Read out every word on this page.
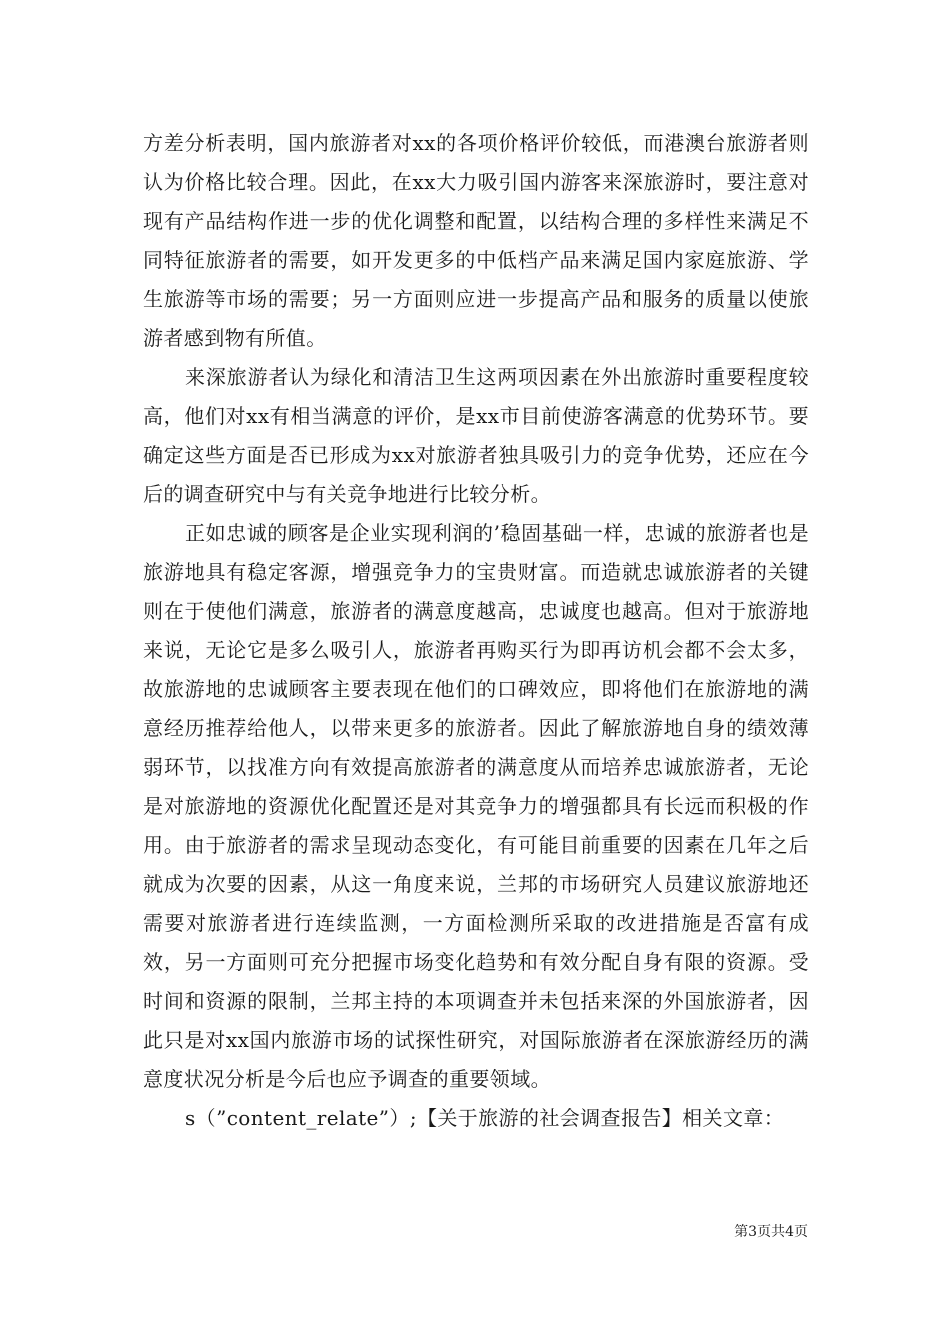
方差分析表明，国内旅游者对xx的各项价格评价较低，而港澳台旅游者则认为价格比较合理。因此，在xx大力吸引国内游客来深旅游时，要注意对现有产品结构作进一步的优化调整和配置，以结构合理的多样性来满足不同特征旅游者的需要，如开发更多的中低档产品来满足国内家庭旅游、学生旅游等市场的需要；另一方面则应进一步提高产品和服务的质量以使旅游者感到物有所值。

来深旅游者认为绿化和清洁卫生这两项因素在外出旅游时重要程度较高，他们对xx有相当满意的评价，是xx市目前使游客满意的优势环节。要确定这些方面是否已形成为xx对旅游者独具吸引力的竞争优势，还应在今后的调查研究中与有关竞争地进行比较分析。

正如忠诚的顾客是企业实现利润的’稳固基础一样，忠诚的旅游者也是旅游地具有稳定客源，增强竞争力的宝贵财富。而造就忠诚旅游者的关键则在于使他们满意，旅游者的满意度越高，忠诚度也越高。但对于旅游地来说，无论它是多么吸引人，旅游者再购买行为即再访机会都不会太多，故旅游地的忠诚顾客主要表现在他们的口碑效应，即将他们在旅游地的满意经历推荐给他人，以带来更多的旅游者。因此了解旅游地自身的绩效薄弱环节，以找准方向有效提高旅游者的满意度从而培养忠诚旅游者，无论是对旅游地的资源优化配置还是对其竞争力的增强都具有长远而积极的作用。由于旅游者的需求呈现动态变化，有可能目前重要的因素在几年之后就成为次要的因素，从这一角度来说，兰邦的市场研究人员建议旅游地还需要对旅游者进行连续监测，一方面检测所采取的改进措施是否富有成效，另一方面则可充分把握市场变化趋势和有效分配自身有限的资源。受时间和资源的限制，兰邦主持的本项调查并未包括来深的外国旅游者，因此只是对xx国内旅游市场的试探性研究，对国际旅游者在深旅游经历的满意度状况分析是今后也应予调查的重要领域。

s（”content_relate”）;【关于旅游的社会调查报告】相关文章：

第3页共4页
